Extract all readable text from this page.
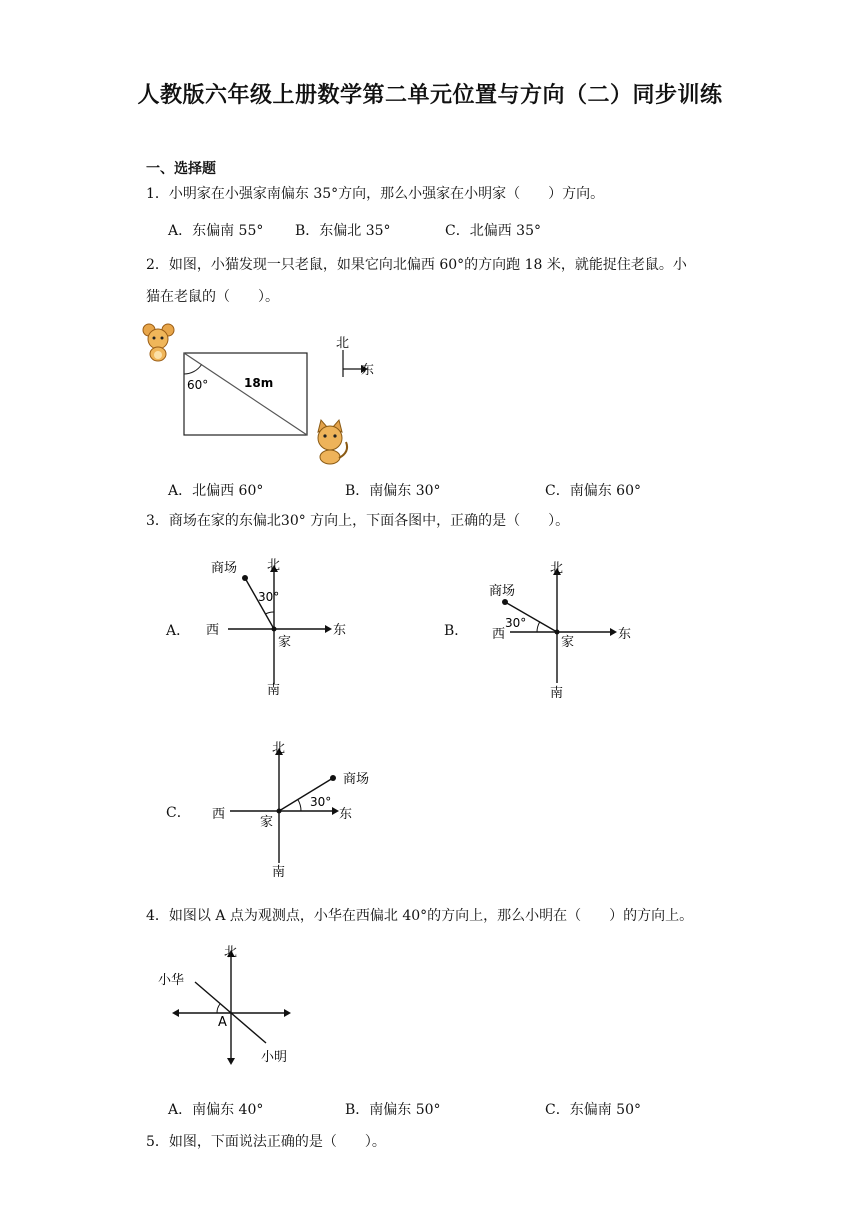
人教版六年级上册数学第二单元位置与方向（二）同步训练
一、选择题
1．小明家在小强家南偏东 35°方向，那么小强家在小明家（　　）方向。
A．东偏南 55° B．东偏北 35°	C．北偏西 35°
2．如图，小猫发现一只老鼠，如果它向北偏西 60°的方向跑 18 米，就能捉住老鼠。小
猫在老鼠的（　　）。
60°	18m
北
东
A．北偏西 60°	B．南偏东 30°	C．南偏东 60°
3．商场在家的东偏北30° 方向上，下面各图中，正确的是（　　）。
A．
商场 北
30°
西	东
家
南
B．
商场
北
30°
西	东
家
南
C．
北
商场
30°
西	东
家
南
4．如图以 A 点为观测点，小华在西偏北 40°的方向上，那么小明在（　　）的方向上。
北
小华
A
小明
A．南偏东 40°	B．南偏东 50°	C．东偏南 50°
5．如图，下面说法正确的是（　　）。
